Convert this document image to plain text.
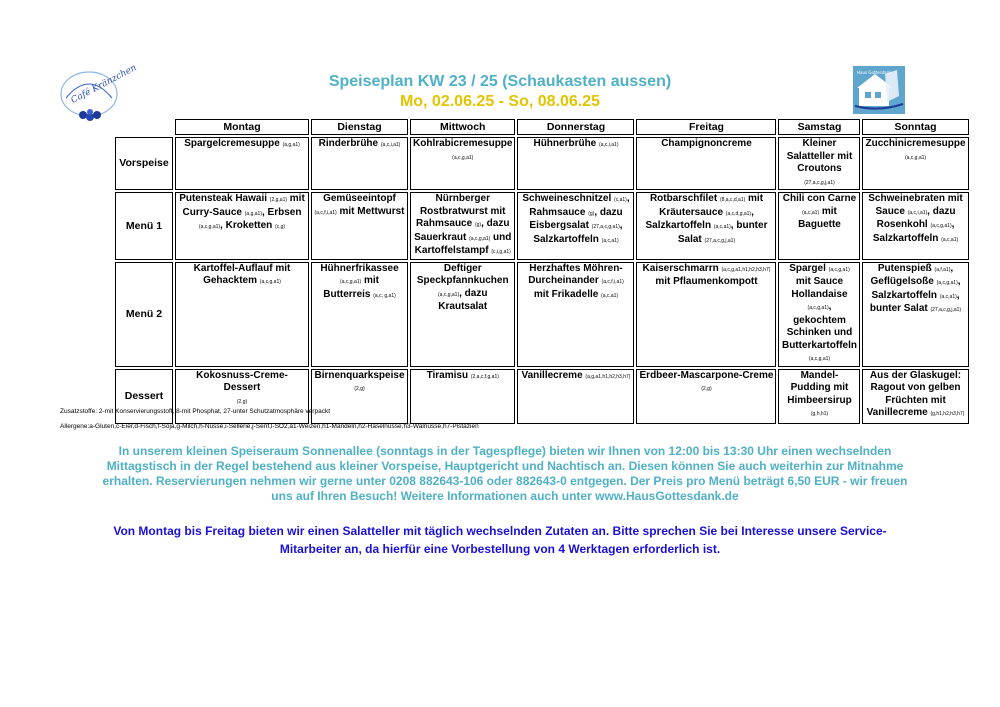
Café Kränzchen	Haus Gottesdank
Speiseplan KW 23 / 25 (Schaukasten aussen)
Mo, 02.06.25 - So, 08.06.25
	Montag	Dienstag	Mittwoch	Donnerstag	Freitag	Samstag	Sonntag
Vorspeise	Spargelcremesuppe (a,g,a1)	Rinderbrühe (a,c,i,a1)	Kohlrabicremesuppe
(a,c,g,a1)	Hühnerbrühe (a,c,i,a1)	Champignoncreme	Kleiner Salatteller mit Croutons (27,a,c,g,j,a1)	Zucchinicremesuppe
(a,c,g,a1)
Menü 1	Putensteak Hawaii (2,g,a1) mit Curry-Sauce (a,g,a1), Erbsen (a,c,g,a1), Kroketten (c,g)	Gemüseeintopf
(a,c,f,i,a1) mit Mettwurst	Nürnberger Rostbratwurst mit Rahmsauce (g), dazu Sauerkraut (a,c,g,a1) und Kartoffelstampf (c,i,g,a1)	Schweineschnitzel (c,a1), Rahmsauce (g), dazu Eisbergsalat (27,a,c,g,a1), Salzkartoffeln (a,c,a1)	Rotbarschfilet (8,a,c,d,a1) mit Kräutersauce (a,c,d,g,a1), Salzkartoffeln (a,c,a1), bunter Salat (27,a,c,g,j,a1)	Chili con Carne (a,c,a1) mit Baguette	Schweinebraten mit Sauce (a,c,i,a1), dazu Rosenkohl (a,c,g,a1), Salzkartoffeln (a,c,a1)
Menü 2	Kartoffel-Auflauf mit Gehacktem (a,c,g,a1)	Hühnerfrikassee
(a,c,g,a1) mit
Butterreis (a,c, g,a1)	Deftiger Speckpfannkuchen
(a,c,g,a1), dazu Krautsalat	Herzhaftes Möhren-Durcheinander (a,c,f,i,a1) mit Frikadelle (a,c,a1)	Kaiserschmarrn (a,c,g,a1,h1,h2,h3,h7) mit Pflaumenkompott	Spargel (a,c,g,a1) mit Sauce Hollandaise (a,c,g,a1), gekochtem Schinken und Butterkartoffeln
(a,c,g,a1)	Putenspieß (a,f,a1), Geflügelsoße (a,c,g,a1), Salzkartoffeln (a,c,a1), bunter Salat (27,a,c,g,j,a1)
Dessert	Kokosnuss-Creme-Dessert
(2,g)	Birnenquarkspeise
(2,g)	Tiramisu (2,a,c,f,g,a1)	Vanillecreme (a,g,a1,h1,h2,h3,h7)	Erdbeer-Mascarpone-Creme
(2,g)	Mandel-Pudding mit Himbeersirup
(g,h,h1)	Aus der Glaskugel: Ragout von gelben Früchten mit Vanillecreme (g,h1,h2,h3,h7)
Zusatzstoffe: 2-mit Konservierungsstoff, 8-mit Phosphat, 27-unter Schutzatmosphäre verpackt
Allergene:a-Gluten,c-Eier,d-Fisch,f-Soja,g-Milch,h-Nüsse,i-Sellerie,j-Senf,l-SO2,a1-Weizen,h1-Mandeln,h2-Haselnüsse,h3-Walnüsse,h7-Pistazien
In unserem kleinen Speiseraum Sonnenallee (sonntags in der Tagespflege) bieten wir Ihnen von 12:00 bis 13:30 Uhr einen wechselnden Mittagstisch in der Regel bestehend aus kleiner Vorspeise, Hauptgericht und Nachtisch an. Diesen können Sie auch weiterhin zur Mitnahme erhalten. Reservierungen nehmen wir gerne unter 0208 882643-106 oder 882643-0 entgegen. Der Preis pro Menü beträgt 6,50 EUR - wir freuen uns auf Ihren Besuch! Weitere Informationen auch unter www.HausGottesdank.de
Von Montag bis Freitag bieten wir einen Salatteller mit täglich wechselnden Zutaten an. Bitte sprechen Sie bei Interesse unsere Service-Mitarbeiter an, da hierfür eine Vorbestellung von 4 Werktagen erforderlich ist.
